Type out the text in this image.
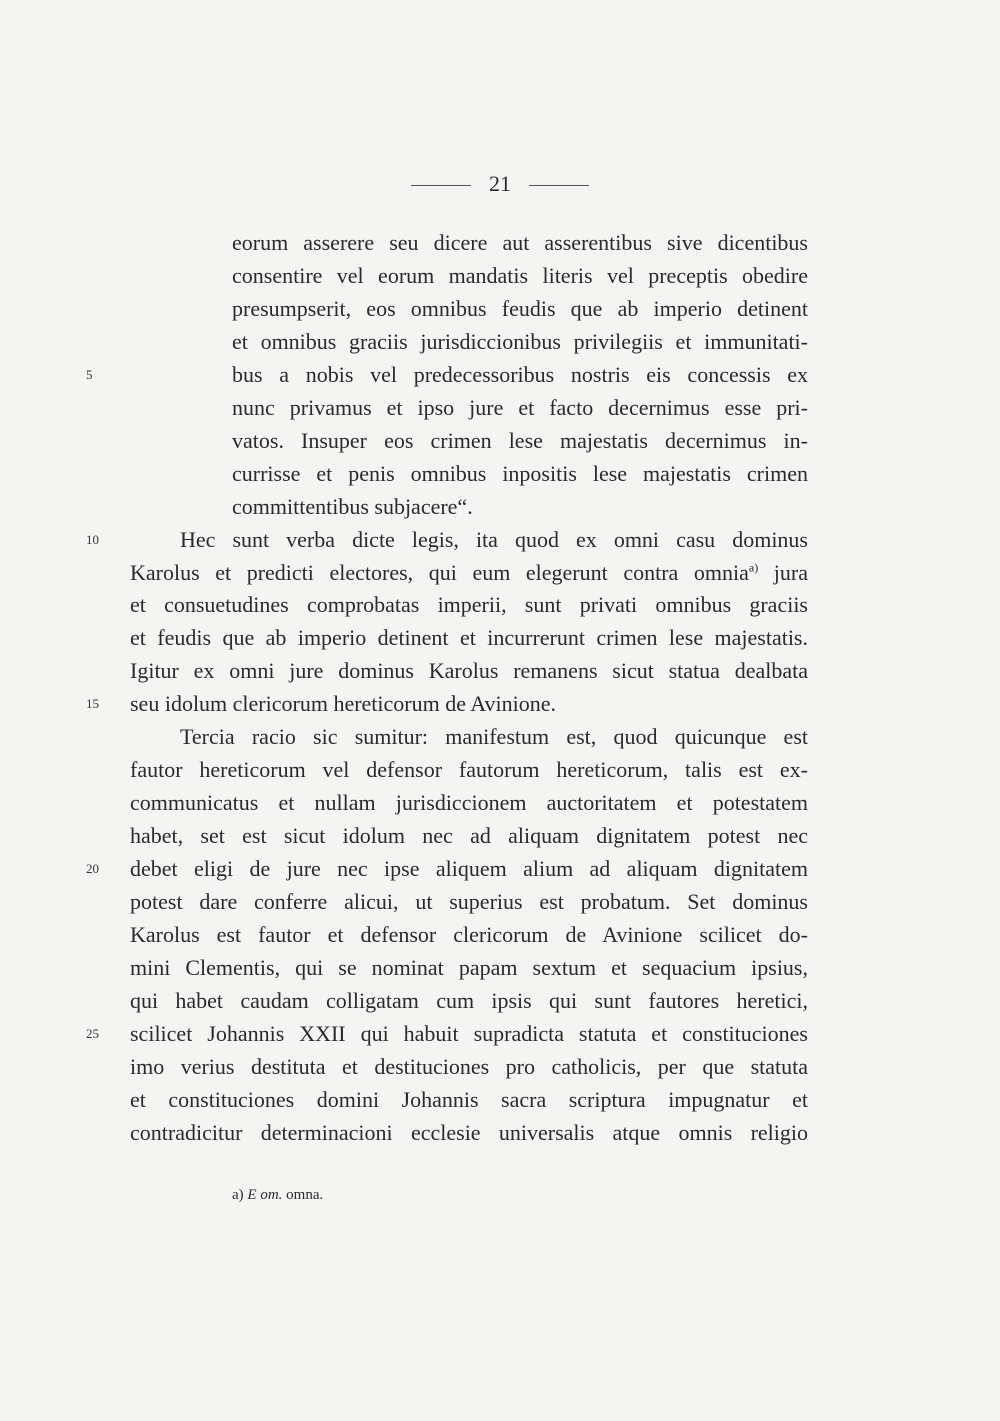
21
eorum asserere seu dicere aut asserentibus sive dicentibus
consentire vel eorum mandatis literis vel preceptis obedire
presumpserit, eos omnibus feudis que ab imperio detinent
et omnibus graciis jurisdiccionibus privilegiis et immunitati-
bus a nobis vel predecessoribus nostris eis concessis ex
5
nunc privamus et ipso jure et facto decernimus esse pri-
vatos. Insuper eos crimen lese majestatis decernimus in-
currisse et penis omnibus inpositis lese majestatis crimen
committentibus subjacere“.
Hec sunt verba dicte legis, ita quod ex omni casu dominus
10
Karolus et predicti electores, qui eum elegerunt contra omnia$^{a)}$ jura
et consuetudines comprobatas imperii, sunt privati omnibus graciis
et feudis que ab imperio detinent et incurrerunt crimen lese majestatis.
Igitur ex omni jure dominus Karolus remanens sicut statua dealbata
seu idolum clericorum hereticorum de Avinione.
15
Tercia racio sic sumitur: manifestum est, quod quicunque est
fautor hereticorum vel defensor fautorum hereticorum, talis est ex-
communicatus et nullam jurisdiccionem auctoritatem et potestatem
habet, set est sicut idolum nec ad aliquam dignitatem potest nec
debet eligi de jure nec ipse aliquem alium ad aliquam dignitatem
20
potest dare conferre alicui, ut superius est probatum. Set dominus
Karolus est fautor et defensor clericorum de Avinione scilicet do-
mini Clementis, qui se nominat papam sextum et sequacium ipsius,
qui habet caudam colligatam cum ipsis qui sunt fautores heretici,
scilicet Johannis XXII qui habuit supradicta statuta et constituciones
25
imo verius destituta et destituciones pro catholicis, per que statuta
et constituciones domini Johannis sacra scriptura impugnatur et
contradicitur determinacioni ecclesie universalis atque omnis religio
a) E om. omna.
